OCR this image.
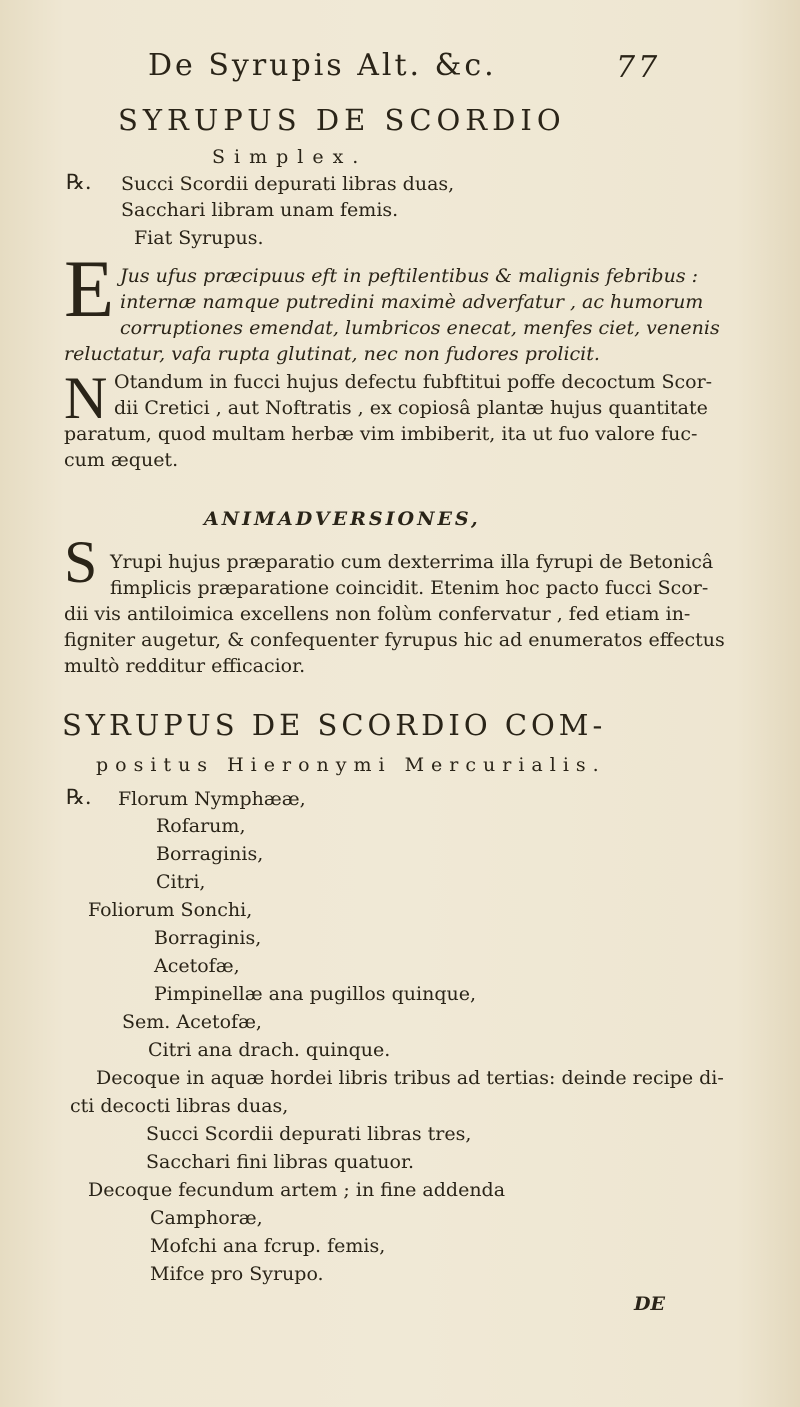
De Syrupis Alt. &c.	77
SYRUPUS DE SCORDIO
Simplex.
℞. Succi Scordii depurati libras duas,
Sacchari libram unam femis.
Fiat Syrupus.
E Jus ufus præcipuus eft in peftilentibus & malignis febribus :
internæ namque putredini maximè adverfatur , ac humorum
corruptiones emendat, lumbricos enecat, menfes ciet, venenis
reluctatur, vafa rupta glutinat, nec non fudores prolicit.
N Otandum in fucci hujus defectu fubftitui poffe decoctum Scor-
dii Cretici , aut Noftratis , ex copiosâ plantæ hujus quantitate
paratum, quod multam herbæ vim imbiberit, ita ut fuo valore fuc-
cum æquet.
ANIMADVERSIONES,
S Yrupi hujus præparatio cum dexterrima illa fyrupi de Betonicâ
fimplicis præparatione coincidit. Etenim hoc pacto fucci Scor-
dii vis antiloimica excellens non folùm confervatur , fed etiam in-
figniter augetur, & confequenter fyrupus hic ad enumeratos effectus
multò redditur efficacior.
SYRUPUS DE SCORDIO COM-
positus Hieronymi Mercurialis.
℞. Florum Nymphææ,
Rofarum,
Borraginis,
Citri,
Foliorum Sonchi,
Borraginis,
Acetofæ,
Pimpinellæ ana pugillos quinque,
Sem. Acetofæ,
Citri ana drach. quinque.
Decoque in aquæ hordei libris tribus ad tertias: deinde recipe di-
cti decocti libras duas,
Succi Scordii depurati libras tres,
Sacchari fini libras quatuor.
Decoque fecundum artem ; in fine addenda
Camphoræ,
Mofchi ana fcrup. femis,
Mifce pro Syrupo.
DE
